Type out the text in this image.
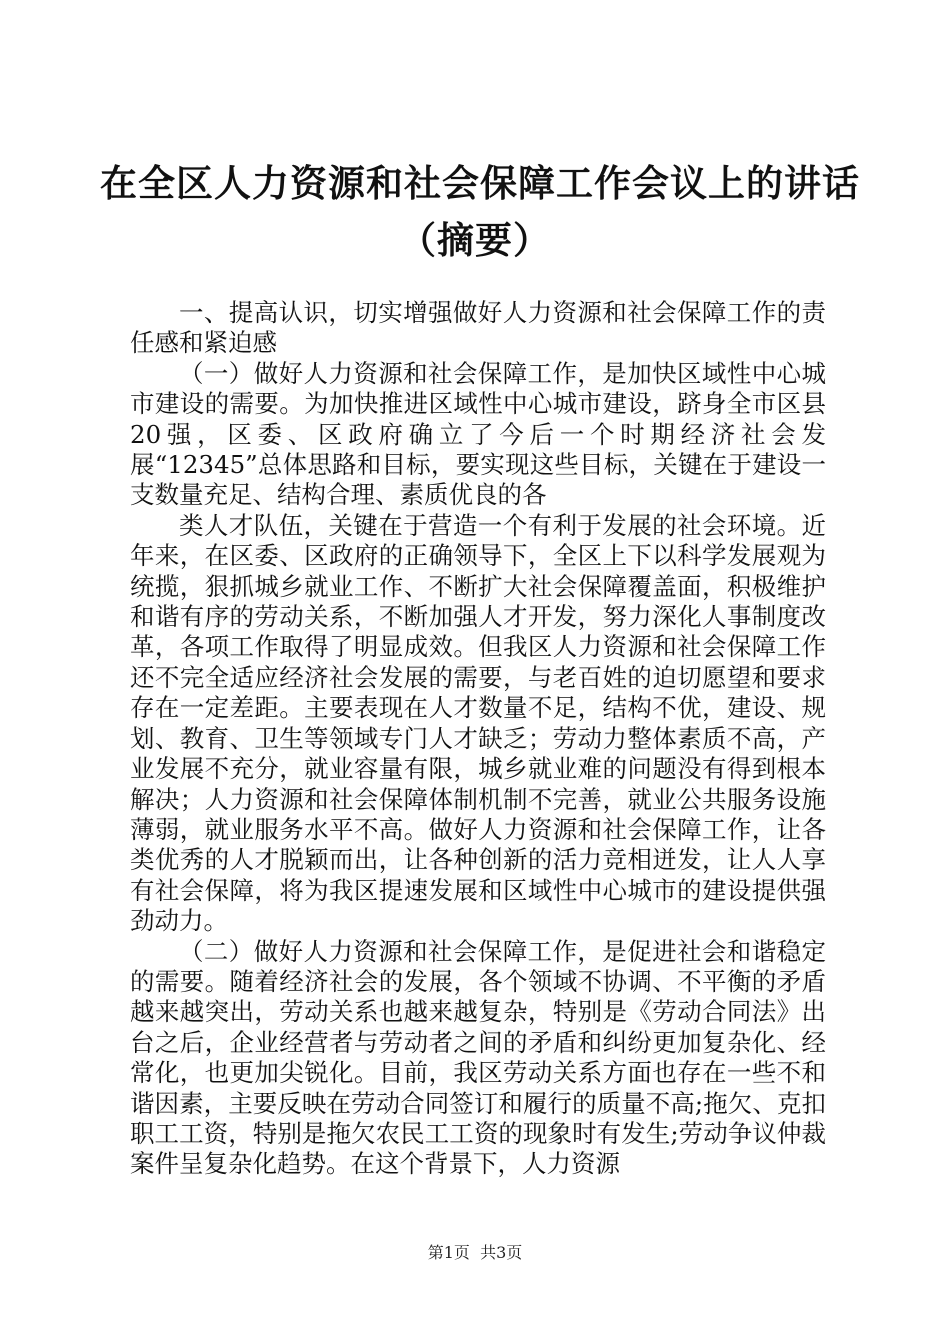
在全区人力资源和社会保障工作会议上的讲话
（摘要）

一、提高认识，切实增强做好人力资源和社会保障工作的责任感和紧迫感

（一）做好人力资源和社会保障工作，是加快区域性中心城市建设的需要。为加快推进区域性中心城市建设，跻身全市区县20强，区委、区政府确立了今后一个时期经济社会发展“12345”总体思路和目标，要实现这些目标，关键在于建设一支数量充足、结构合理、素质优良的各

类人才队伍，关键在于营造一个有利于发展的社会环境。近年来，在区委、区政府的正确领导下，全区上下以科学发展观为统揽，狠抓城乡就业工作、不断扩大社会保障覆盖面，积极维护和谐有序的劳动关系，不断加强人才开发，努力深化人事制度改革，各项工作取得了明显成效。但我区人力资源和社会保障工作还不完全适应经济社会发展的需要，与老百姓的迫切愿望和要求存在一定差距。主要表现在人才数量不足，结构不优，建设、规划、教育、卫生等领域专门人才缺乏；劳动力整体素质不高，产业发展不充分，就业容量有限，城乡就业难的问题没有得到根本解决；人力资源和社会保障体制机制不完善，就业公共服务设施薄弱，就业服务水平不高。做好人力资源和社会保障工作，让各类优秀的人才脱颖而出，让各种创新的活力竞相迸发，让人人享有社会保障，将为我区提速发展和区域性中心城市的建设提供强劲动力。

（二）做好人力资源和社会保障工作，是促进社会和谐稳定的需要。随着经济社会的发展，各个领域不协调、不平衡的矛盾越来越突出，劳动关系也越来越复杂，特别是《劳动合同法》出台之后，企业经营者与劳动者之间的矛盾和纠纷更加复杂化、经常化，也更加尖锐化。目前，我区劳动关系方面也存在一些不和谐因素，主要反映在劳动合同签订和履行的质量不高;拖欠、克扣职工工资，特别是拖欠农民工工资的现象时有发生;劳动争议仲裁案件呈复杂化趋势。在这个背景下，人力资源

第1页  共3页
